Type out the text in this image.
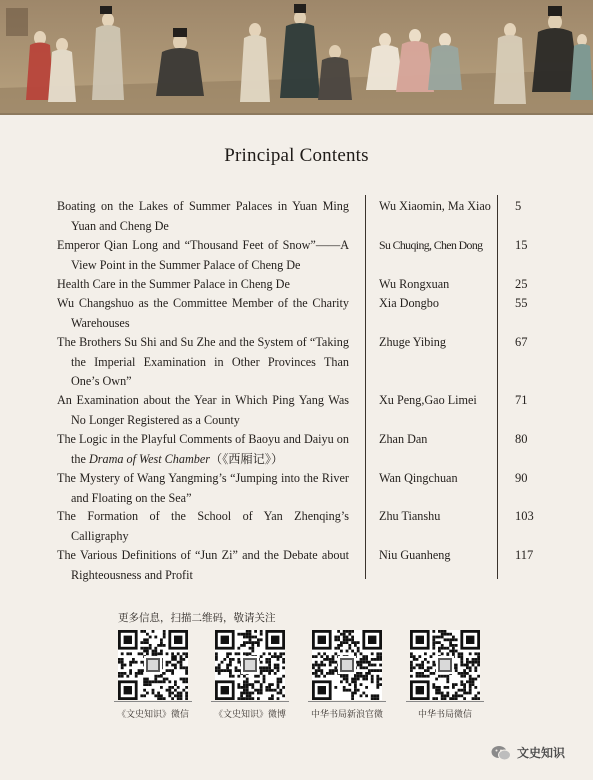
Principal Contents
Boating on the Lakes of Summer Palaces in Yuan Ming Yuan and Cheng De
Wu Xiaomin, Ma Xiao	5
Emperor Qian Long and “Thousand Feet of Snow”——A View Point in the Summer Palace of Cheng De
Su Chuqing, Chen Dong	15
Health Care in the Summer Palace in Cheng De	Wu Rongxuan	25
Wu Changshuo as the Committee Member of the Charity Warehouses
Xia Dongbo	55
The Brothers Su Shi and Su Zhe and the System of “Taking the Imperial Examination in Other Provinces Than One’s Own”
Zhuge Yibing	67
An Examination about the Year in Which Ping Yang Was No Longer Registered as a County
Xu Peng,Gao Limei	71
The Logic in the Playful Comments of Baoyu and Daiyu on the Drama of West Chamber（《西厢记》）
Zhan Dan	80
The Mystery of Wang Yangming’s “Jumping into the River and Floating on the Sea”
Wan Qingchuan	90
The Formation of the School of Yan Zhenqing’s Calligraphy
Zhu Tianshu	103
The Various Definitions of “Jun Zi” and the Debate about Righteousness and Profit
Niu Guanheng	117
更多信息，扫描二维码，敬请关注
《文史知识》微信	《文史知识》微博	中华书局新浪官微	中华书局微信
文史知识
